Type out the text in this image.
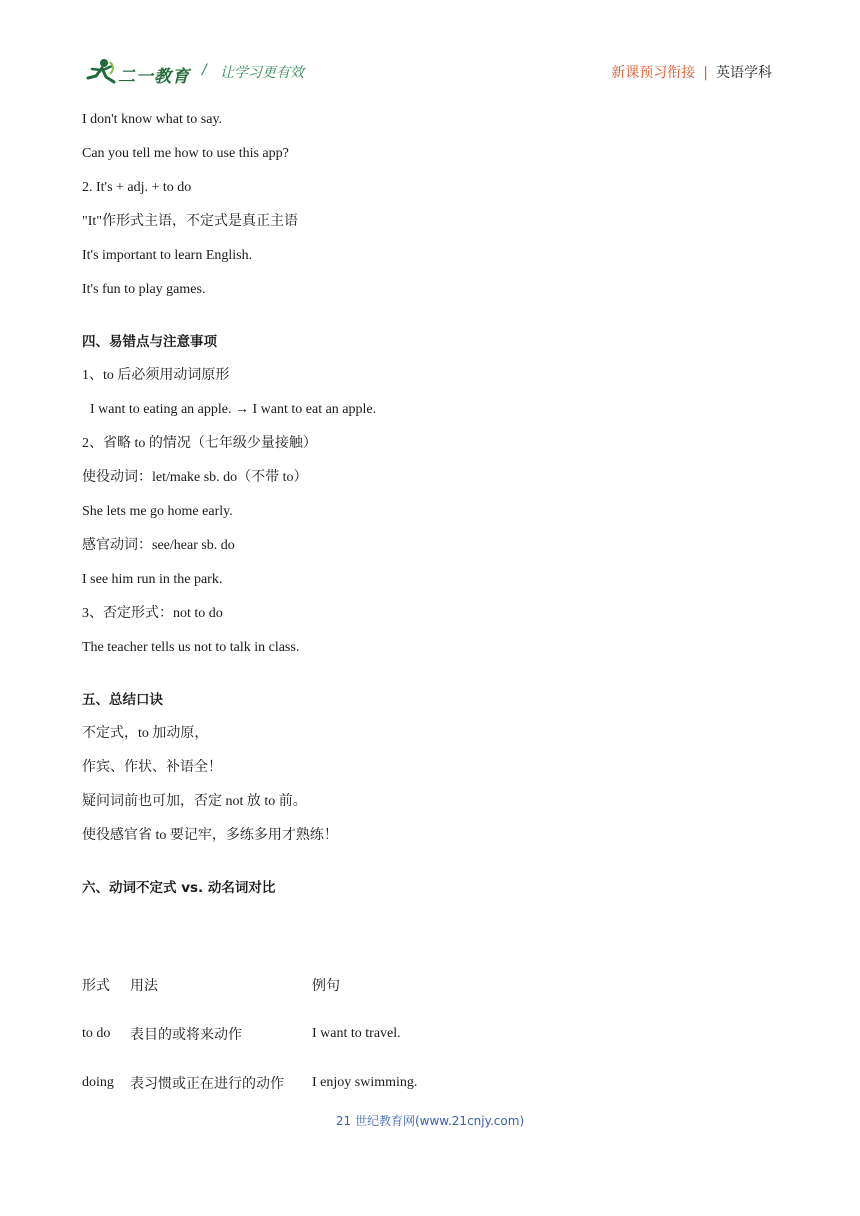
二一教育 / 让学习更有效	新课预习衔接 | 英语学科
I don't know what to say.
Can you tell me how to use this app?
2. It's + adj. + to do
"It"作形式主语，不定式是真正主语
It's important to learn English.
It's fun to play games.
四、易错点与注意事项
1、to 后必须用动词原形
I want to eating an apple. → I want to eat an apple.
2、省略 to 的情况（七年级少量接触）
使役动词：let/make sb. do（不带 to）
She lets me go home early.
感官动词：see/hear sb. do
I see him run in the park.
3、否定形式：not to do
The teacher tells us not to talk in class.
五、总结口诀
不定式，to 加动原，
作宾、作状、补语全！
疑问词前也可加，否定 not 放 to 前。
使役感官省 to 要记牢，多练多用才熟练！
六、动词不定式 vs. 动名词对比
形式	用法	例句
to do	表目的或将来动作	I want to travel.
doing	表习惯或正在进行的动作	I enjoy swimming.
21 世纪教育网(www.21cnjy.com)
